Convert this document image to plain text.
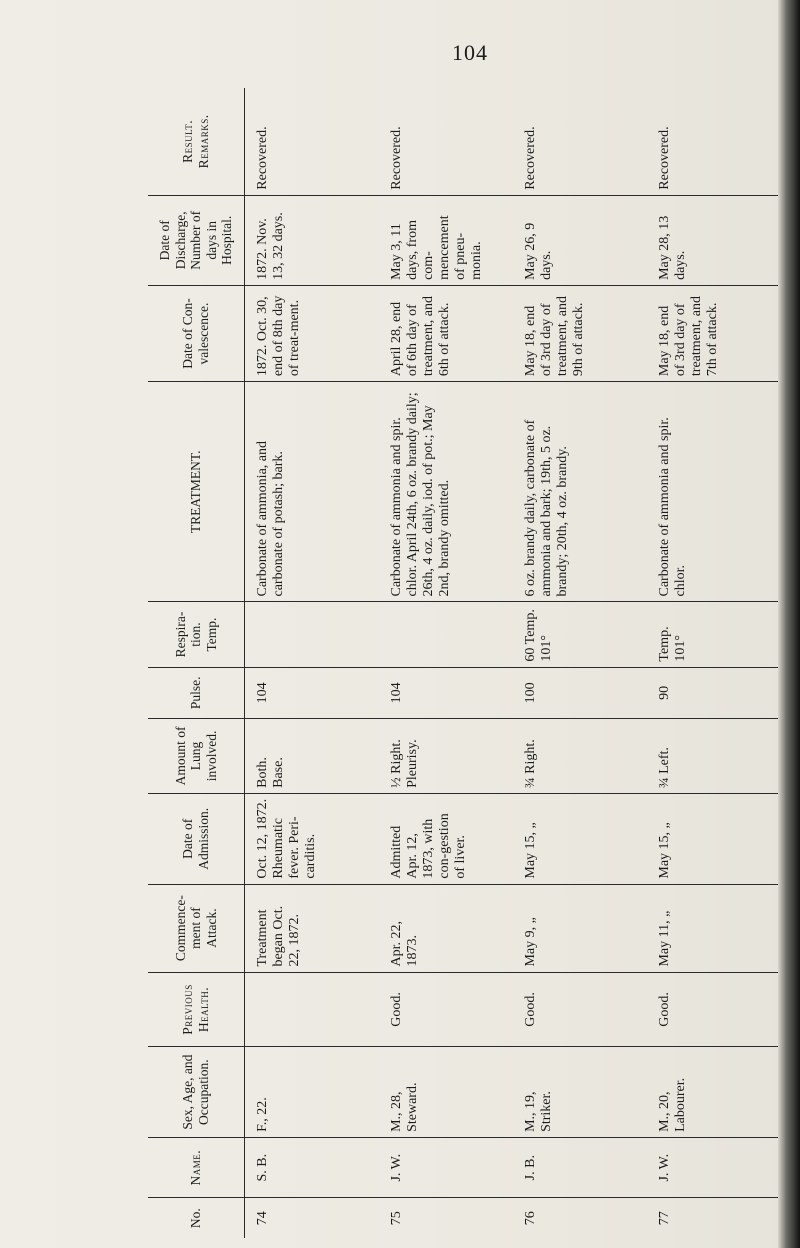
104
No.	Name.	Sex, Age, and Occupation.	Previous Health.	Commence-ment of Attack.	Date of Admission.	Amount of Lung involved.	Pulse.	Respira-tion. Temp.	TREATMENT.	Date of Con-valescence.	Date of Discharge, Number of days in Hospital.	Result. Remarks.
74	S. B.	F., 22.		Treatment began Oct. 22, 1872.	Oct. 12, 1872. Rheumatic fever. Peri-carditis.	Both. Base.	104		Carbonate of ammonia, and carbonate of potash; bark.	1872. Oct. 30, end of 8th day of treat-ment.	1872. Nov. 13, 32 days.	Recovered.
75	J. W.	M., 28, Steward.	Good.	Apr. 22, 1873.	Admitted Apr. 12, 1873, with con-gestion of liver.	½ Right. Pleurisy.	104		Carbonate of ammonia and spir. chlor. April 24th, 6 oz. brandy daily; 26th, 4 oz. daily, iod. of pot.; May 2nd, brandy omitted.	April 28, end of 6th day of treatment, and 6th of attack.	May 3, 11 days, from com-mencement of pneu-monia.	Recovered.
76	J. B.	M., 19, Striker.	Good.	May 9, „	May 15, „	¾ Right.	100	60 Temp. 101°	6 oz. brandy daily, carbonate of ammonia and bark; 19th, 5 oz. brandy; 20th, 4 oz. brandy.	May 18, end of 3rd day of treatment, and 9th of attack.	May 26, 9 days.	Recovered.
77	J. W.	M., 20, Labourer.	Good.	May 11, „	May 15, „	¾ Left.	90	Temp. 101°	Carbonate of ammonia and spir. chlor.	May 18, end of 3rd day of treatment, and 7th of attack.	May 28, 13 days.	Recovered.
